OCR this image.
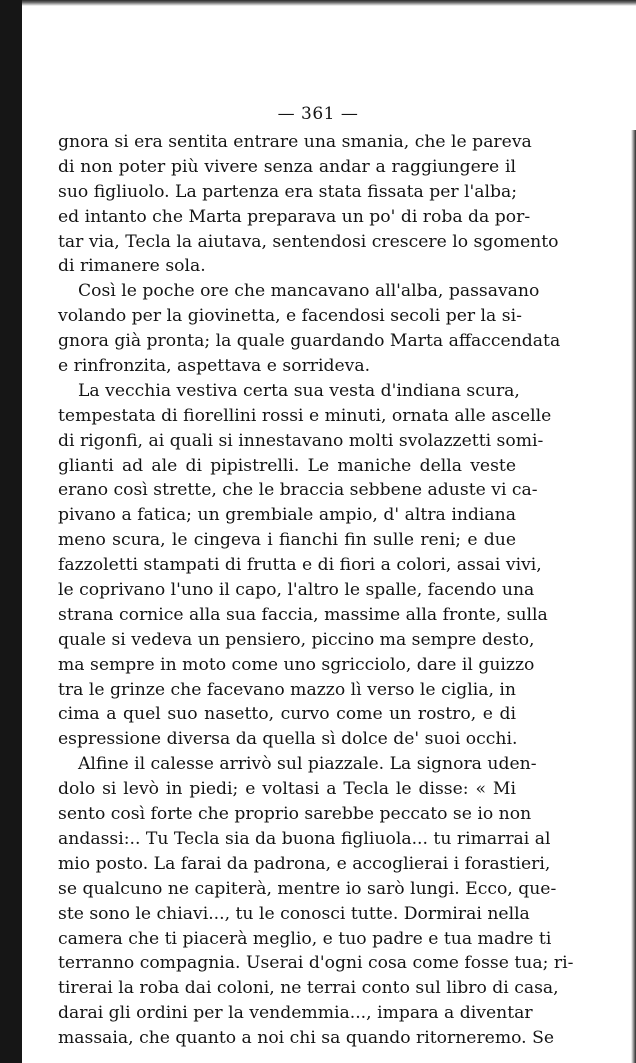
— 361 —
gnora si era sentita entrare una smania, che le pareva
di non poter più vivere senza andar a raggiungere il
suo figliuolo. La partenza era stata fissata per l'alba;
ed intanto che Marta preparava un po' di roba da por-
tar via, Tecla la aiutava, sentendosi crescere lo sgomento
di rimanere sola.
Così le poche ore che mancavano all'alba, passavano
volando per la giovinetta, e facendosi secoli per la si-
gnora già pronta; la quale guardando Marta affaccendata
e rinfronzita, aspettava e sorrideva.
La vecchia vestiva certa sua vesta d'indiana scura,
tempestata di fiorellini rossi e minuti, ornata alle ascelle
di rigonfi, ai quali si innestavano molti svolazzetti somi-
glianti ad ale di pipistrelli. Le maniche della veste
erano così strette, che le braccia sebbene aduste vi ca-
pivano a fatica; un grembiale ampio, d' altra indiana
meno scura, le cingeva i fianchi fin sulle reni; e due
fazzoletti stampati di frutta e di fiori a colori, assai vivi,
le coprivano l'uno il capo, l'altro le spalle, facendo una
strana cornice alla sua faccia, massime alla fronte, sulla
quale si vedeva un pensiero, piccino ma sempre desto,
ma sempre in moto come uno sgricciolo, dare il guizzo
tra le grinze che facevano mazzo lì verso le ciglia, in
cima a quel suo nasetto, curvo come un rostro, e di
espressione diversa da quella sì dolce de' suoi occhi.
Alfine il calesse arrivò sul piazzale. La signora uden-
dolo si levò in piedi; e voltasi a Tecla le disse: « Mi
sento così forte che proprio sarebbe peccato se io non
andassi:.. Tu Tecla sia da buona figliuola... tu rimarrai al
mio posto. La farai da padrona, e accoglierai i forastieri,
se qualcuno ne capiterà, mentre io sarò lungi. Ecco, que-
ste sono le chiavi..., tu le conosci tutte. Dormirai nella
camera che ti piacerà meglio, e tuo padre e tua madre ti
terranno compagnia. Userai d'ogni cosa come fosse tua; ri-
tirerai la roba dai coloni, ne terrai conto sul libro di casa,
darai gli ordini per la vendemmia..., impara a diventar
massaia, che quanto a noi chi sa quando ritorneremo. Se
